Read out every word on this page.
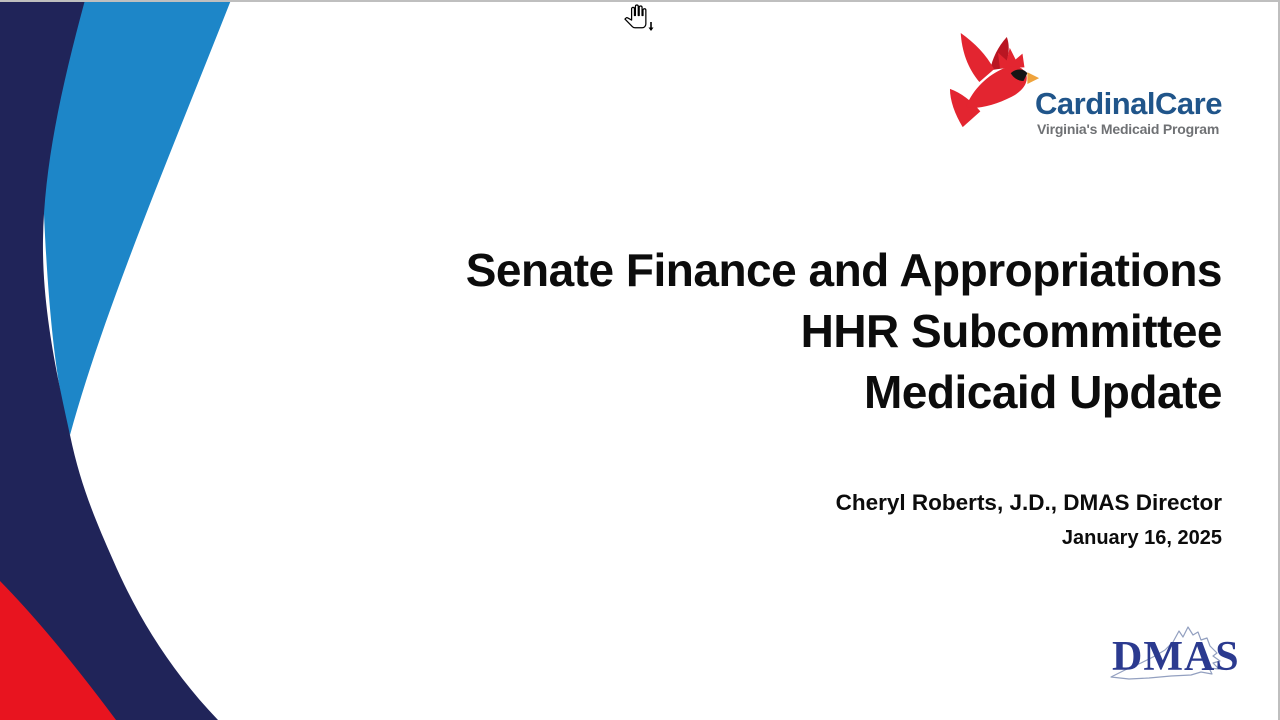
CardinalCare
Virginia's Medicaid Program
Senate Finance and Appropriations
HHR Subcommittee
Medicaid Update
Cheryl Roberts, J.D., DMAS Director
January 16, 2025
DMAS
